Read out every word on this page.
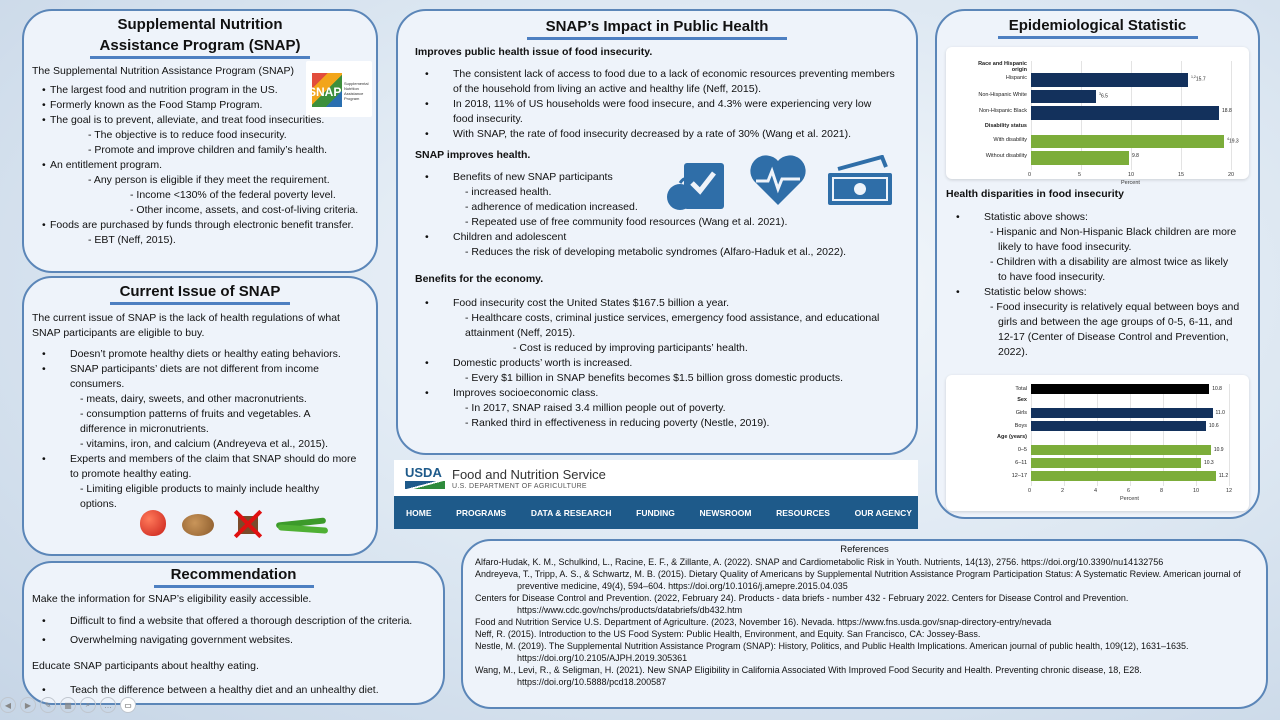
Supplemental Nutrition
Assistance Program (SNAP)
SNAP
Supplemental
Nutrition
Assistance
Program
The Supplemental Nutrition Assistance Program (SNAP)
• The largest food and nutrition program in the US.
• Formerly known as the Food Stamp Program.
• The goal is to prevent, alleviate, and treat food insecurities.
- The objective is to reduce food insecurity.
- Promote and improve children and family’s health.
• An entitlement program.
- Any person is eligible if they meet the requirement.
- Income <130% of the federal poverty level.
- Other income, assets, and cost-of-living criteria.
• Foods are purchased by funds through electronic benefit transfer.
- EBT (Neff, 2015).
Current Issue of SNAP
The current issue of SNAP is the lack of health regulations of what
SNAP participants are eligible to buy.
• Doesn’t promote healthy diets or healthy eating behaviors.
• SNAP participants’ diets are not different from income
consumers.
- meats, dairy, sweets, and other macronutrients.
- consumption patterns of fruits and vegetables. A
difference in micronutrients.
- vitamins, iron, and calcium (Andreyeva et al., 2015).
• Experts and members of the claim that SNAP should do more
to promote healthy eating.
- Limiting eligible products to mainly include healthy
options.
Recommendation
Make the information for SNAP’s eligibility easily accessible.
• Difficult to find a website that offered a thorough description of the criteria.
• Overwhelming navigating government websites.
Educate SNAP participants about healthy eating.
• Teach the difference between a healthy diet and an unhealthy diet.
SNAP’s Impact in Public Health
Improves public health issue of food insecurity.
• The consistent lack of access to food due to a lack of economic resources preventing members
of the household from living an active and healthy life (Neff, 2015).
• In 2018, 11% of US households were food insecure, and 4.3% were experiencing very low
food insecurity.
• With SNAP, the rate of food insecurity decreased by a rate of 30% (Wang et al. 2021).
SNAP improves health.
• Benefits of new SNAP participants
- increased health.
- adherence of medication increased.
- Repeated use of free community food resources (Wang et al. 2021).
• Children and adolescent
- Reduces the risk of developing metabolic syndromes (Alfaro-Haduk et al., 2022).
Benefits for the economy.
• Food insecurity cost the United States $167.5 billion a year.
- Healthcare costs, criminal justice services, emergency food assistance, and educational
attainment (Neff, 2015).
- Cost is reduced by improving participants’ health.
• Domestic products’ worth is increased.
- Every $1 billion in SNAP benefits becomes $1.5 billion gross domestic products.
• Improves socioeconomic class.
- In 2017, SNAP raised 3.4 million people out of poverty.
- Ranked third in effectiveness in reducing poverty (Nestle, 2019).
USDA Food and Nutrition Service
U.S. DEPARTMENT OF AGRICULTURE
HOME	PROGRAMS	DATA & RESEARCH	FUNDING	NEWSROOM	RESOURCES	OUR AGENCY
Epidemiological Statistic
Race and Hispanic origin
Disability status
0	5	10	15	20
Percent
Hispanic	$^{1,2}$15.7
Non-Hispanic White	$^3$6.5
Non-Hispanic Black	18.8
With disability	$^4$19.3
Without disability	9.8
Health disparities in food insecurity
• Statistic above shows:
- Hispanic and Non-Hispanic Black children are more
likely to have food insecurity.
- Children with a disability are almost twice as likely
to have food insecurity.
• Statistic below shows:
- Food insecurity is relatively equal between boys and
girls and between the age groups of 0-5, 6-11, and
12-17 (Center of Disease Control and Prevention,
2022).
Sex
Age (years)
0	2	4	6	8	10	12
Percent
Total	10.8
Girls	11.0
Boys	10.6
0–5	10.9
6–11	10.3
12–17	11.2
References
Alfaro-Hudak, K. M., Schulkind, L., Racine, E. F., & Zillante, A. (2022). SNAP and Cardiometabolic Risk in Youth. Nutrients, 14(13), 2756. https://doi.org/10.3390/nu14132756
Andreyeva, T., Tripp, A. S., & Schwartz, M. B. (2015). Dietary Quality of Americans by Supplemental Nutrition Assistance Program Participation Status: A Systematic Review. American journal of preventive medicine, 49(4), 594–604. https://doi.org/10.1016/j.amepre.2015.04.035
Centers for Disease Control and Prevention. (2022, February 24). Products - data briefs - number 432 - February 2022. Centers for Disease Control and Prevention. https://www.cdc.gov/nchs/products/databriefs/db432.htm
Food and Nutrition Service U.S. Department of Agriculture. (2023, November 16). Nevada. https://www.fns.usda.gov/snap-directory-entry/nevada
Neff, R. (2015). Introduction to the US Food System: Public Health, Environment, and Equity. San Francisco, CA: Jossey-Bass.
Nestle, M. (2019). The Supplemental Nutrition Assistance Program (SNAP): History, Politics, and Public Health Implications. American journal of public health, 109(12), 1631–1635. https://doi.org/10.2105/AJPH.2019.305361
Wang, M., Levi, R., & Seligman, H. (2021). New SNAP Eligibility in California Associated With Improved Food Security and Health. Preventing chronic disease, 18, E28. https://doi.org/10.5888/pcd18.200587
◀	▶	✎	▦	⌕	…	▭
